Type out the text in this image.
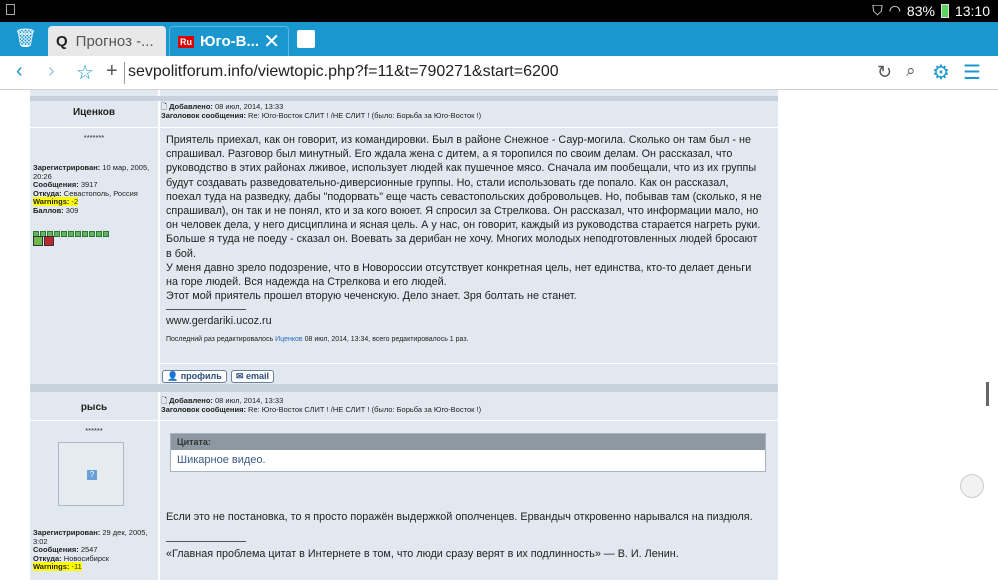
⛉ ◠ 83% 13:10
🗑 Q Прогноз -...	Ru Юго-В... ✕
‹ › ☆ + sevpolitforum.info/viewtopic.php?f=11&t=790271&start=6200	↻ ⌕ ⚙ ☰
Иценков
🗋 Добавлено: 08 июл, 2014, 13:33
Заголовок сообщения: Re: Юго-Восток СЛИТ ! /НЕ СЛИТ ! (было: Борьба за Юго-Восток !)
*******
Зарегистрирован: 10 мар, 2005, 20:26
Сообщения: 3917
Откуда: Севастополь, Россия
Warnings: -2
Баллов: 309
Приятель приехал, как он говорит, из командировки. Был в районе Снежное - Саур-могила. Сколько он там был - не спрашивал. Разговор был минутный. Его ждала жена с дитем, а я торопился по своим делам. Он рассказал, что руководство в этих районах лживое, использует людей как пушечное мясо. Сначала им пообещали, что из их группы будут создавать разведовательно-диверсионные группы. Но, стали использовать где попало. Как он рассказал, поехал туда на разведку, дабы "подорвать" еще часть севастопольских добровольцев. Но, побывав там (сколько, я не спрашивал), он так и не понял, кто и за кого воюет. Я спросил за Стрелкова. Он рассказал, что информации мало, но он человек дела, у него дисциплина и ясная цель. А у нас, он говорит, каждый из руководства старается нагреть руки. Больше я туда не поеду - сказал он. Воевать за дерибан не хочу. Многих молодых неподготовленных людей бросают в бой.
У меня давно зрело подозрение, что в Новороссии отсутствует конкретная цель, нет единства, кто-то делает деньги на горе людей. Вся надежда на Стрелкова и его людей.
Этот мой приятель прошел вторую чеченскую. Дело знает. Зря болтать не станет.
www.gerdariki.ucoz.ru
Последний раз редактировалось Иценков 08 июл, 2014, 13:34, всего редактировалось 1 раз.
👤 профиль	✉ email
рысь
🗋 Добавлено: 08 июл, 2014, 13:33
Заголовок сообщения: Re: Юго-Восток СЛИТ ! /НЕ СЛИТ ! (было: Борьба за Юго-Восток !)
******
?
Зарегистрирован: 29 дек, 2005, 3:02
Сообщения: 2547
Откуда: Новосибирск
Warnings: -11
Цитата:
Шикарное видео.
Если это не постановка, то я просто поражён выдержкой ополченцев. Ервандыч откровенно нарывался на пиздюля.
«Главная проблема цитат в Интернете в том, что люди сразу верят в их подлинность» — В. И. Ленин.
